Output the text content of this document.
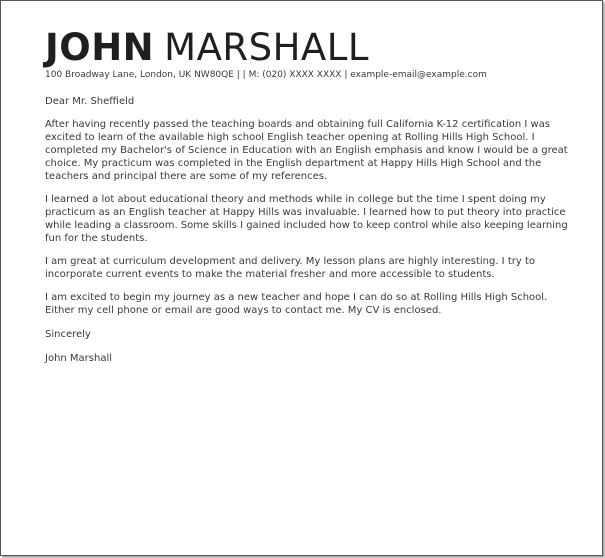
JOHN MARSHALL
100 Broadway Lane, London, UK NW80QE | | M: (020) XXXX XXXX | example-email@example.com
Dear Mr. Sheffield
After having recently passed the teaching boards and obtaining full California K-12 certification I was excited to learn of the available high school English teacher opening at Rolling Hills High School. I completed my Bachelor's of Science in Education with an English emphasis and know I would be a great choice. My practicum was completed in the English department at Happy Hills High School and the teachers and principal there are some of my references.
I learned a lot about educational theory and methods while in college but the time I spent doing my practicum as an English teacher at Happy Hills was invaluable. I learned how to put theory into practice while leading a classroom. Some skills I gained included how to keep control while also keeping learning fun for the students.
I am great at curriculum development and delivery. My lesson plans are highly interesting. I try to incorporate current events to make the material fresher and more accessible to students.
I am excited to begin my journey as a new teacher and hope I can do so at Rolling Hills High School. Either my cell phone or email are good ways to contact me. My CV is enclosed.
Sincerely
John Marshall
